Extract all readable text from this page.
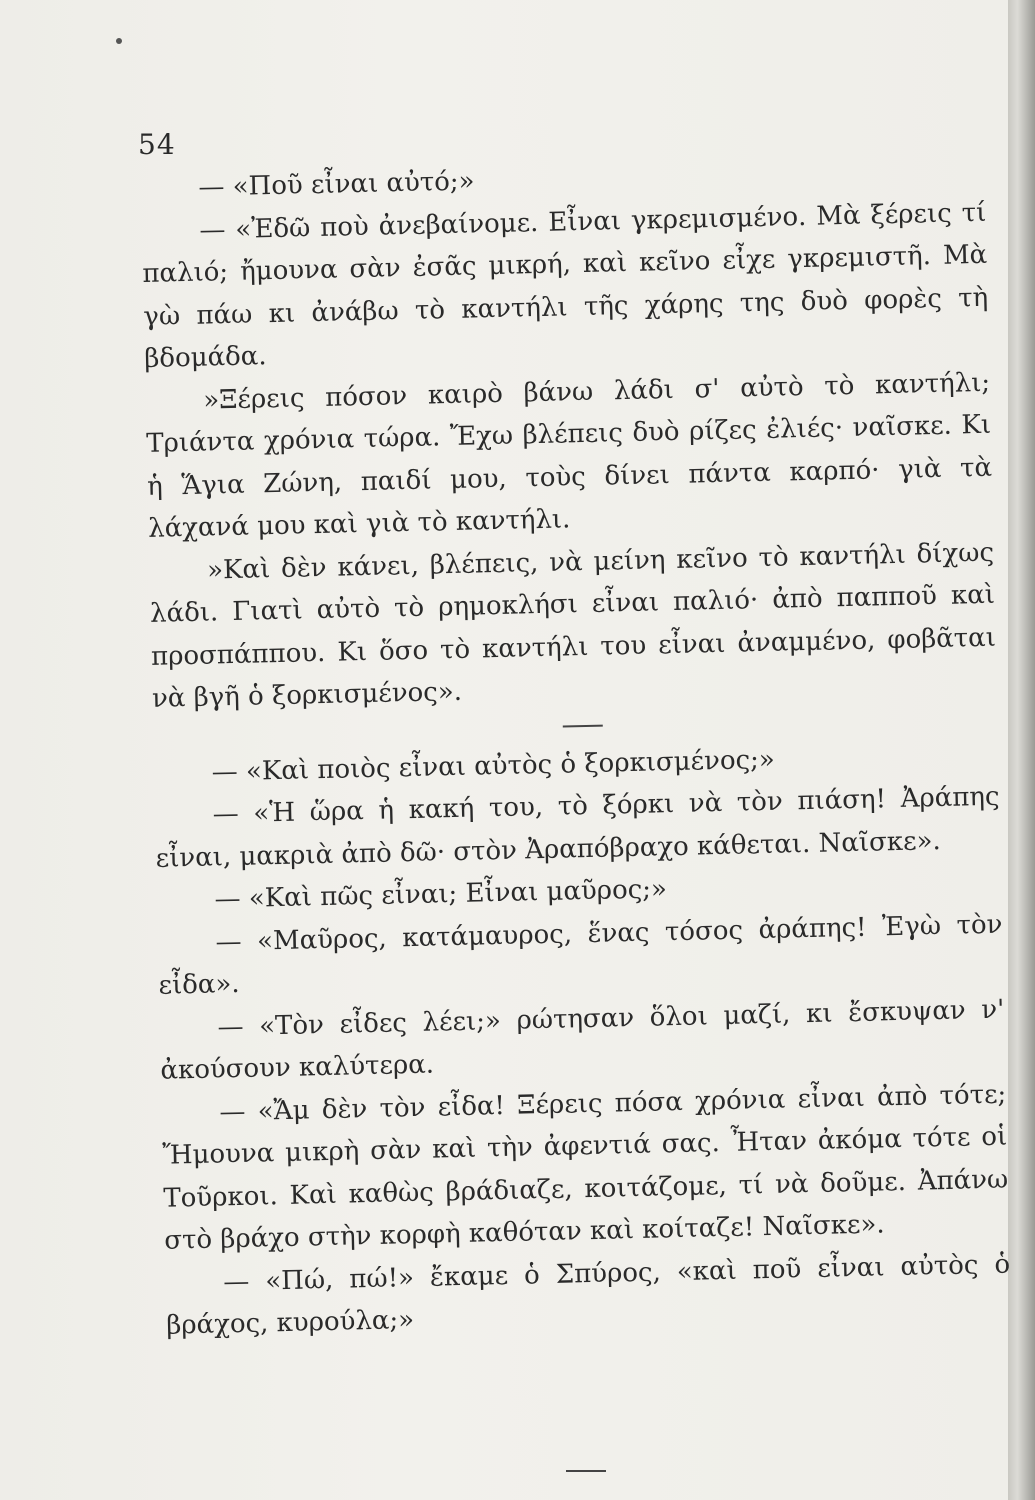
54

— «Ποῦ εἶναι αὐτό;»

— «Ἐδῶ ποὺ ἀνεβαίνομε. Εἶναι γκρεμισμένο. Μὰ ξέρεις τί παλιό; ἤμουνα σὰν ἐσᾶς μικρή, καὶ κεῖνο εἶχε γκρεμιστῆ. Μὰ γὼ πάω κι ἀνάβω τὸ καντήλι τῆς χάρης της δυὸ φορὲς τὴ βδομάδα.

»Ξέρεις πόσον καιρὸ βάνω λάδι σ' αὐτὸ τὸ καντήλι; Τριάντα χρόνια τώρα. Ἔχω βλέπεις δυὸ ρίζες ἐλιές· ναῖσκε. Κι ἡ Ἅγια Ζώνη, παιδί μου, τοὺς δίνει πάντα καρπό· γιὰ τὰ λάχανά μου καὶ γιὰ τὸ καντήλι.

»Καὶ δὲν κάνει, βλέπεις, νὰ μείνη κεῖνο τὸ καντήλι δίχως λάδι. Γιατὶ αὐτὸ τὸ ρημοκλήσι εἶναι παλιό· ἀπὸ παπποῦ καὶ προσπάππου. Κι ὅσο τὸ καντήλι του εἶναι ἀναμμένο, φοβᾶται νὰ βγῆ ὁ ξορκισμένος».

— «Καὶ ποιὸς εἶναι αὐτὸς ὁ ξορκισμένος;»

— «Ἡ ὥρα ἡ κακή του, τὸ ξόρκι νὰ τὸν πιάση! Ἀράπης εἶναι, μακριὰ ἀπὸ δῶ· στὸν Ἀραπόβραχο κάθεται. Ναῖσκε».

— «Καὶ πῶς εἶναι; Εἶναι μαῦρος;»

— «Μαῦρος, κατάμαυρος, ἕνας τόσος ἀράπης! Ἐγὼ τὸν εἶδα».

— «Τὸν εἶδες λέει;» ρώτησαν ὅλοι μαζί, κι ἔσκυψαν ν' ἀκούσουν καλύτερα.

— «Ἄμ δὲν τὸν εἶδα! Ξέρεις πόσα χρόνια εἶναι ἀπὸ τότε; Ἤμουνα μικρὴ σὰν καὶ τὴν ἀφεντιά σας. Ἦταν ἀκόμα τότε οἱ Τοῦρκοι. Καὶ καθὼς βράδιαζε, κοιτάζομε, τί νὰ δοῦμε. Ἀπάνω στὸ βράχο στὴν κορφὴ καθόταν καὶ κοίταζε! Ναῖσκε».

— «Πώ, πώ!» ἔκαμε ὁ Σπύρος, «καὶ ποῦ εἶναι αὐτὸς ὁ βράχος, κυρούλα;»
